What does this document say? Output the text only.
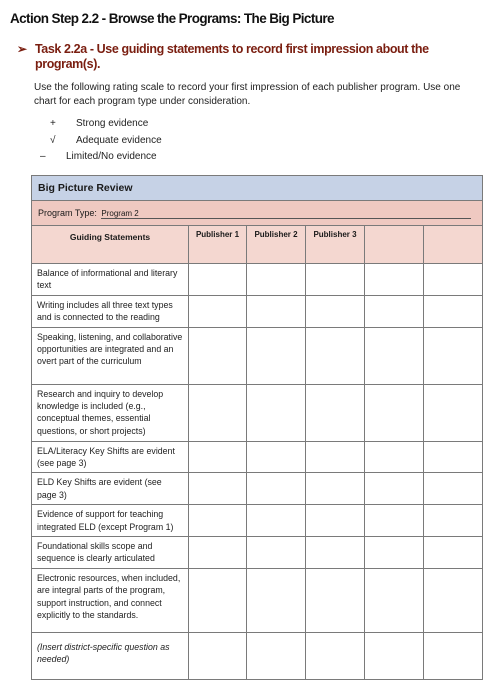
Action Step 2.2 - Browse the Programs: The Big Picture
➢ Task 2.2a - Use guiding statements to record first impression about the program(s).
Use the following rating scale to record your first impression of each publisher program. Use one chart for each program type under consideration.
+	Strong evidence
√	Adequate evidence
–	Limited/No evidence
Big Picture Review					
Program Type: Program 2					
Guiding Statements	Publisher 1	Publisher 2	Publisher 3		
Balance of informational and literary text					
Writing includes all three text types and is connected to the reading					
Speaking, listening, and collaborative opportunities are integrated and an overt part of the curriculum					
Research and inquiry to develop knowledge is included (e.g., conceptual themes, essential questions, or short projects)					
ELA/Literacy Key Shifts are evident (see page 3)					
ELD Key Shifts are evident (see page 3)					
Evidence of support for teaching integrated ELD (except Program 1)					
Foundational skills scope and sequence is clearly articulated					
Electronic resources, when included, are integral parts of the program, support instruction, and connect explicitly to the standards.					
(Insert district-specific question as needed)					
